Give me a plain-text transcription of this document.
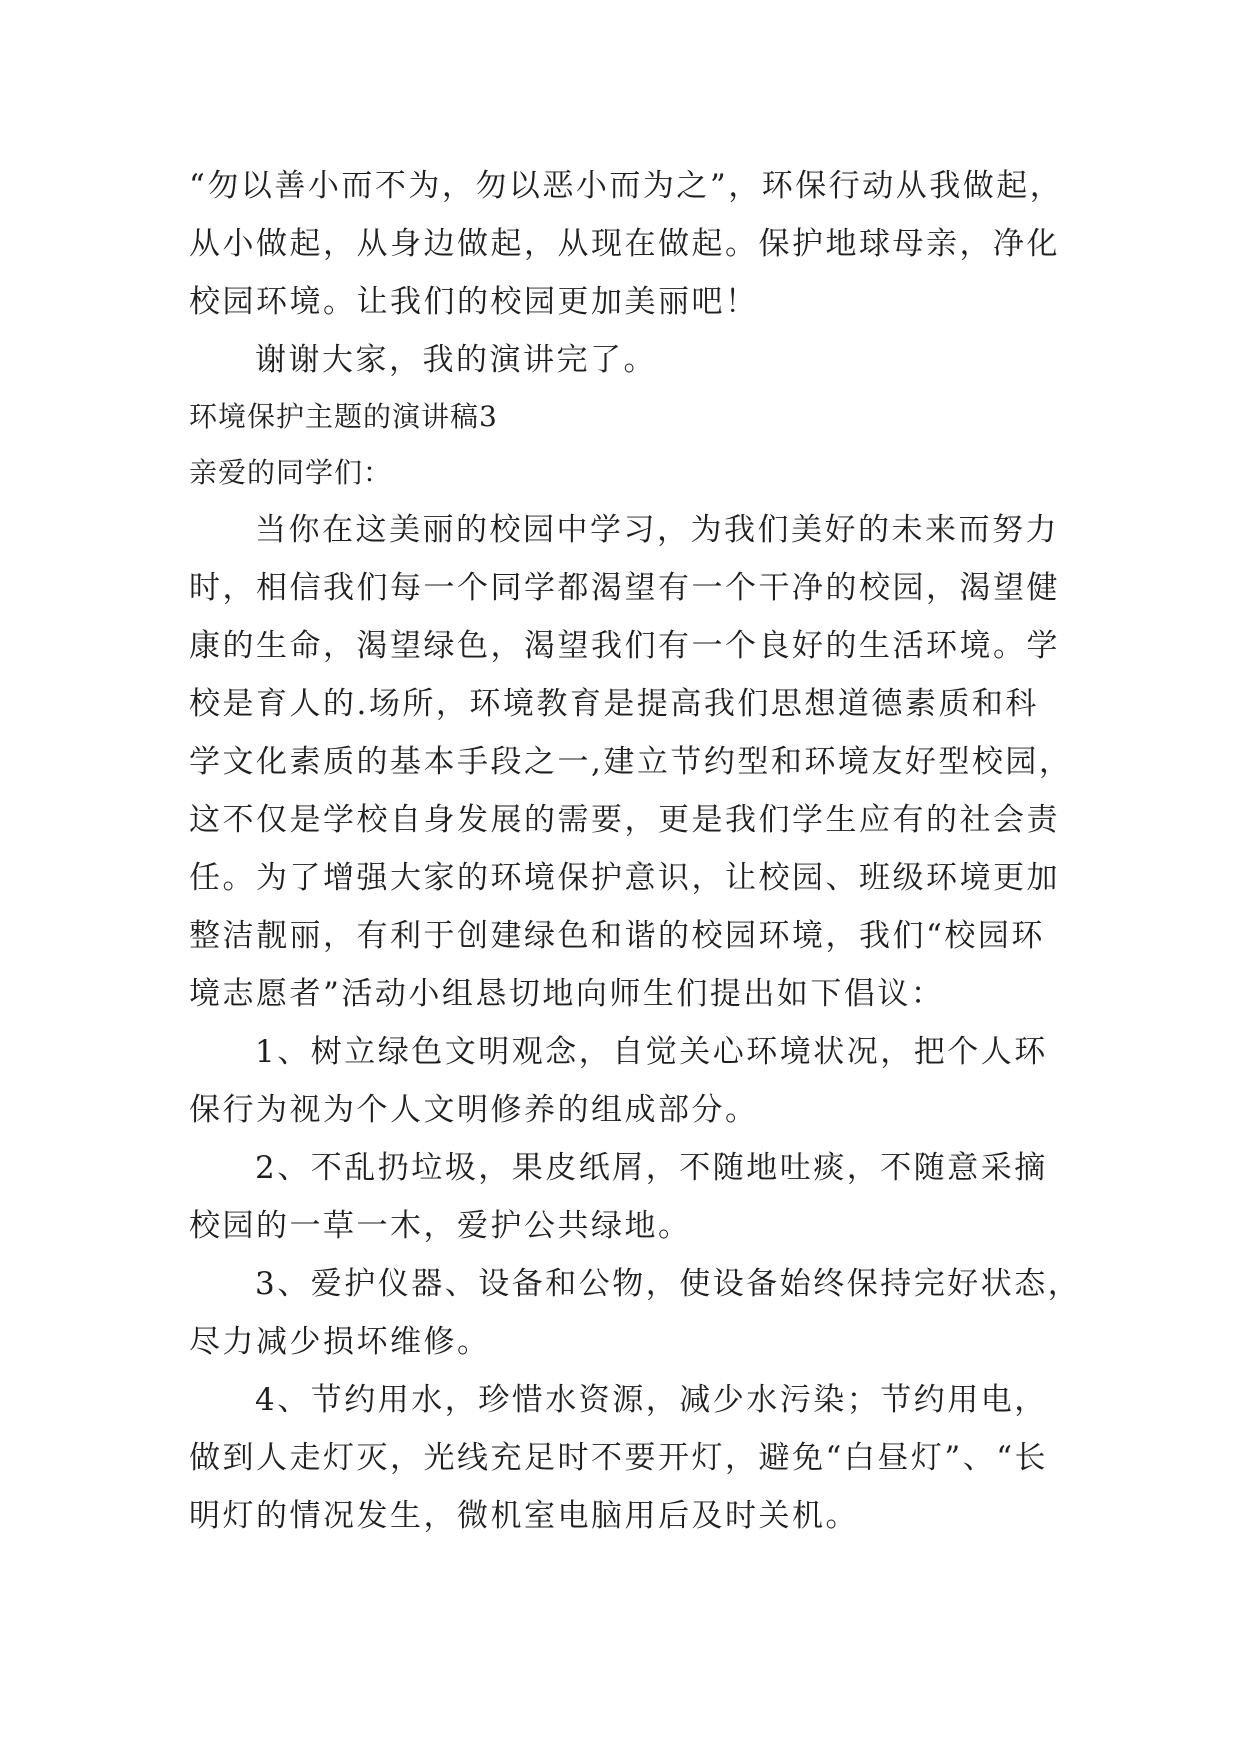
“勿以善小而不为，勿以恶小而为之”，环保行动从我做起，
从小做起，从身边做起，从现在做起。保护地球母亲，净化
校园环境。让我们的校园更加美丽吧！

谢谢大家，我的演讲完了。

环境保护主题的演讲稿3

亲爱的同学们：

当你在这美丽的校园中学习，为我们美好的未来而努力
时，相信我们每一个同学都渴望有一个干净的校园，渴望健
康的生命，渴望绿色，渴望我们有一个良好的生活环境。学
校是育人的.场所，环境教育是提高我们思想道德素质和科
学文化素质的基本手段之一,建立节约型和环境友好型校园，
这不仅是学校自身发展的需要，更是我们学生应有的社会责
任。为了增强大家的环境保护意识，让校园、班级环境更加
整洁靓丽，有利于创建绿色和谐的校园环境，我们“校园环
境志愿者”活动小组恳切地向师生们提出如下倡议：

1、树立绿色文明观念，自觉关心环境状况，把个人环
保行为视为个人文明修养的组成部分。

2、不乱扔垃圾，果皮纸屑，不随地吐痰，不随意采摘
校园的一草一木，爱护公共绿地。

3、爱护仪器、设备和公物，使设备始终保持完好状态，
尽力减少损坏维修。

4、节约用水，珍惜水资源，减少水污染；节约用电，
做到人走灯灭，光线充足时不要开灯，避免“白昼灯”、“长
明灯的情况发生，微机室电脑用后及时关机。
